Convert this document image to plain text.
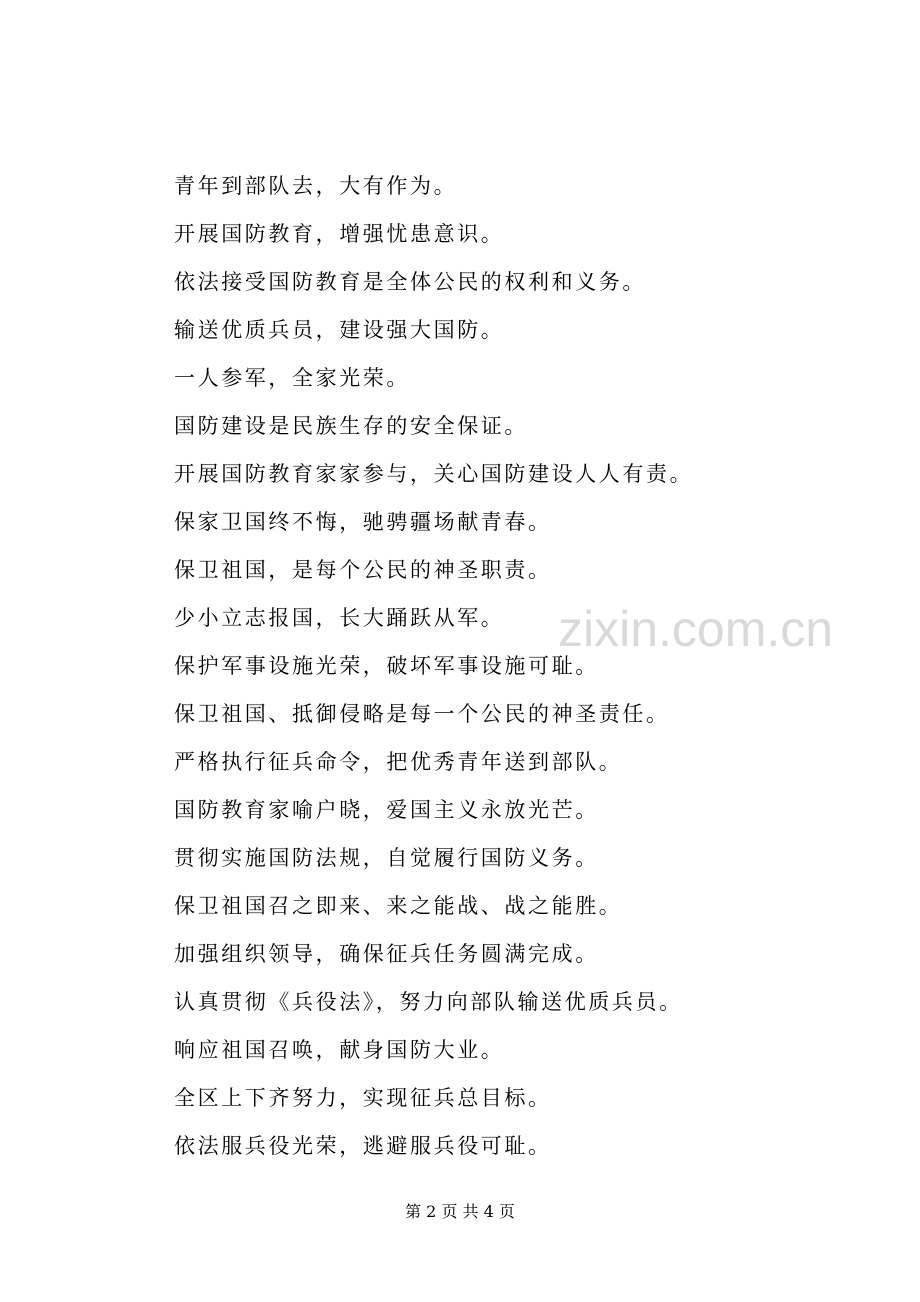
青年到部队去，大有作为。
开展国防教育，增强忧患意识。
依法接受国防教育是全体公民的权利和义务。
输送优质兵员，建设强大国防。
一人参军，全家光荣。
国防建设是民族生存的安全保证。
开展国防教育家家参与，关心国防建设人人有责。
保家卫国终不悔，驰骋疆场献青春。
保卫祖国，是每个公民的神圣职责。
少小立志报国，长大踊跃从军。
保护军事设施光荣，破坏军事设施可耻。
保卫祖国、抵御侵略是每一个公民的神圣责任。
严格执行征兵命令，把优秀青年送到部队。
国防教育家喻户晓，爱国主义永放光芒。
贯彻实施国防法规，自觉履行国防义务。
保卫祖国召之即来、来之能战、战之能胜。
加强组织领导，确保征兵任务圆满完成。
认真贯彻《兵役法》，努力向部队输送优质兵员。
响应祖国召唤，献身国防大业。
全区上下齐努力，实现征兵总目标。
依法服兵役光荣，逃避服兵役可耻。
zixin.com.cn
第 2 页 共 4 页
